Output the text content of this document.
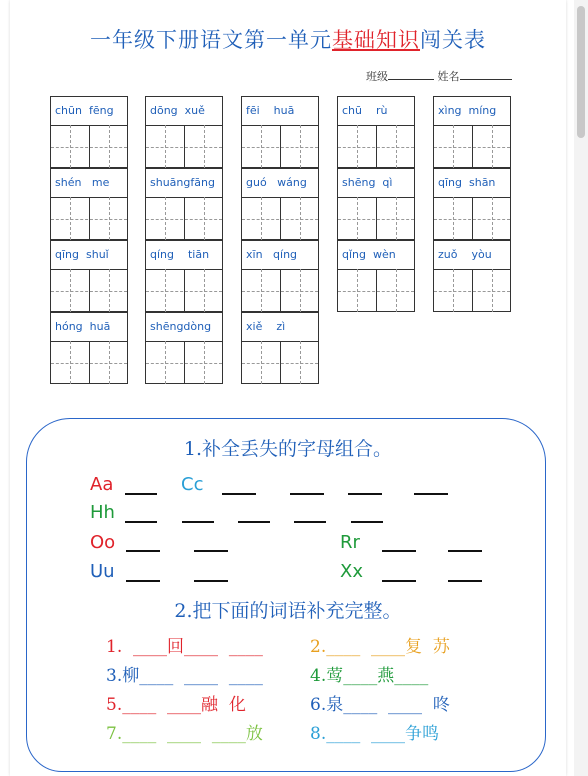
一年级下册语文第一单元基础知识闯关表
班级	姓名
chūn  fēng	dōng  xuě	fēi    huā	chū    rù	xìng  míng
shén   me	shuāngfāng	guó   wáng	shēng  qì	qīng  shān
qīng  shuǐ	qíng    tiān	xīn   qíng	qǐng  wèn	zuǒ    yòu
hóng  huā	shēngdòng	xiě    zì
1.补全丢失的字母组合。
Aa	Cc
Hh
Oo	Rr
Uu	Xx
2.把下面的词语补充完整。
1.  ____回____  ____	2.____  ____复  苏
3.柳____  ____  ____	4.莺____燕____
5.____  ____融  化	6.泉____  ____  咚
7.____  ____  ____放	8.____  ____争鸣
